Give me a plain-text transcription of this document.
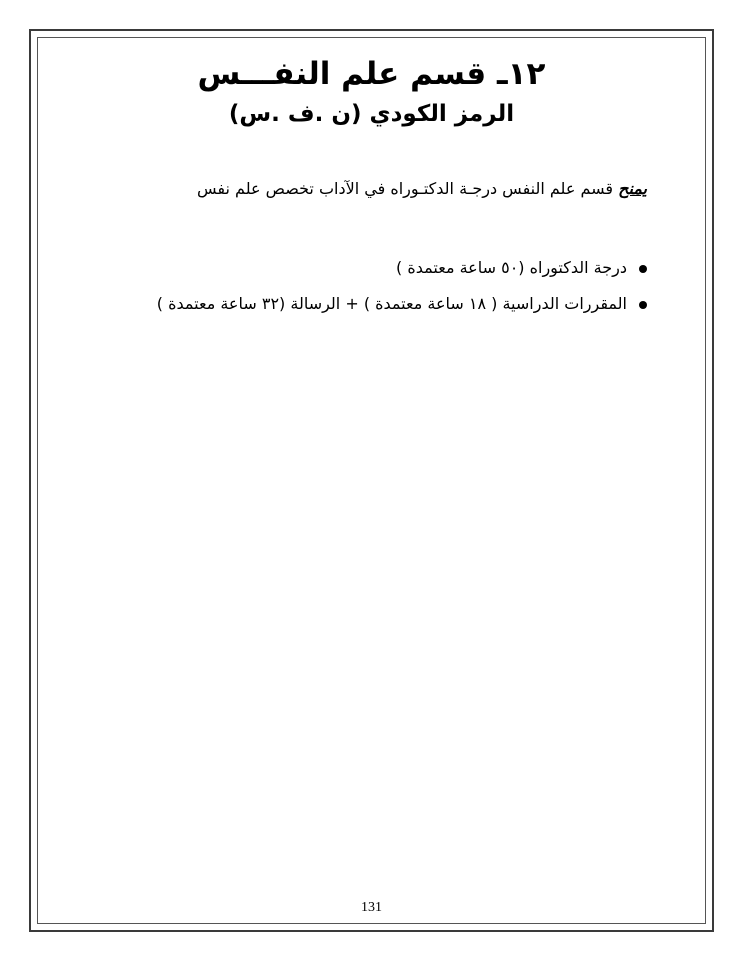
١٢ـ قسم علم النفـــس
الرمز الكودي (ن .ف .س)
يمنح قسم علم النفس درجـة الدكتـوراه في الآداب تخصص علم نفس
درجة الدكتوراه (٥٠ ساعة معتمدة )
المقررات الدراسية ( ١٨ ساعة معتمدة ) + الرسالة (٣٢ ساعة معتمدة )
131
